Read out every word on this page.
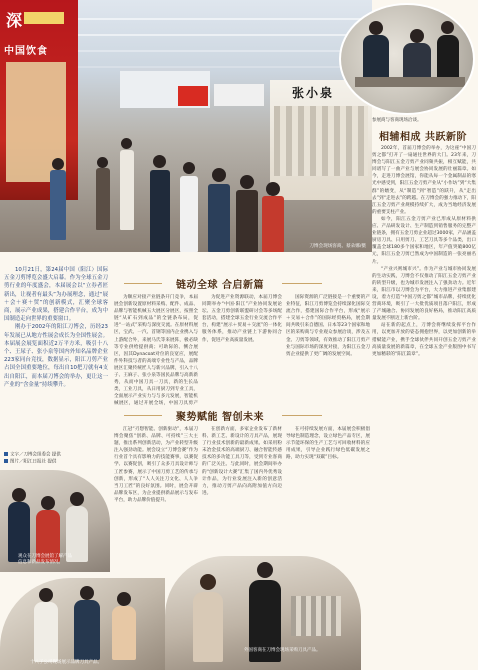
深
中国饮食
张小泉
刀博会现场客商。蔡朵娜/摄
参展商与客商现场洽谈。
相辅相成 共跃新阶

2002年，首届刀博会的举办，为这座“中国刀剪之都”打开了一扇通往世界的大门。23年来，刀博会与阳江五金刀剪产业同频共振，相互赋能，共同谱写了一曲产业与展会协同发展的壮丽篇章。如今，走进刀博会展馆，你能从每一个金属制品的寒光中感受到，阳江五金刀剪产业从“小作坊”到“大集群”的嬗变，从“制造”到“智造”的跃升，从“走出去”到“走进去”的跨越。在刀博会的强力推动下，阳江五金刀剪产业规模持续扩大，成为当地经济发展的重要支柱产业。

如今，阳江五金刀剪产业已形成从原材料供应、产品研发设计、生产制造到销售服务的完整产业链条，拥有五金刀剪企业超过3000家，产品涵盖厨房刀具、日用剪刀、工艺刀具等多个品类，出口覆盖全球180多个国家和地区，年产值突破800亿元，阳江五金刀剪已然成为中国制造的一张亮丽名片。

“产业兴则城市兴”。作为产业与城市协同发展的生动实践，刀博会不仅推动了阳江五金刀剪产业的转型升级，也为城市发展注入了强劲动力。近年来，阳江市以刀博会为平台，大力推进产业集群建设，着力打造“中国刀剪之都”城市品牌，持续优化营商环境，吸引了一大批优质项目落户阳江，形成了产城融合、协同发展的良好格局，推动阳江高质量发展不断迈上新台阶。

站在新的起点上，刀博会将继续发挥平台作用，以更加开放的姿态拥抱世界，以更加创新的举措赋能产业，携手全球伙伴共同开创五金刀剪产业高质量发展的新篇章，在全球五金产业版图中书写更加精彩的“阳江篇章”。

10月21日，第24届中国（阳江）国际五金刀剪博览会盛大启幕。作为全球五金刀剪行业的年度盛会，本届展会以“立券者匠新出，让视者有最头”为办展理念，通过“展＋会＋赛＋贸”的创新模式，汇聚全球客商，展示产业成果，搭建合作平台，成为中国制造走向世界的重要窗口。

刚办于2002年的阳江刀博会，历经23年发展已从地方性展会成长为全国性展会。本届展会展览面积近2万平方米，吸引十八个、王尿子、张小泉等国内外知名品牌企业223家同台竞技，数据显示，阳江刀剪产业占国全国重要地位，每出自10把刀就有4支出自阳江，而本届刀博会的举办，更让这一产业的“含金量”持续攀升。

文字／刀博会组委会 提供
图片／阳江日报社 提供
链动全球 合启新篇

为顺应对接产业链条开门竞争，本届展会创新设置原材料采购、配件、成品、品牌与智能机械五大展区分展区，按照全链“从矿石到成品”的全链条布局，促进“一站式”采购与深度交流。在原材料展区，宝武、一汽、首钢等国内企业携入与上游配合外，来展马氏等来展阵，极必缺等专业供给提供商；可助际的、侧合展区，因其Dynacoat对位的良宽应，展配件外科技与者的高端专业性与产品，品牌展区汇聚传统匠人与新兴品牌，引入十八子、王麻子、张小泉等国民品牌与高新新秀，从而中国刀具一刀具，新的生长品类，工业刀具，从日用厨刀到专业工具，全面展示产业实力与与多元发展，智能机械展区，通过开展全场，中国刀具剪产

为促进产业资源联动，本届刀博会同期举办“中国·阳江”产业协同发展论坛、五金刀剪创新联盟研讨会等多场配套活动，搭建全球五金行业交流合作平台，构建“展示＋贸易＋交流”的一体化服务体系，推动产业链上下游协同合作，促进产业高质量发展。

国际资源的广泛链接是一个重要的产业特征，阳江刀剪博览会持续深化国际交流合作，搭建国际合作平台，形成“展示＋交易＋合作”的国际经贸格局，展会期间共吸引来自德国、日本等23个国家和地区的采购商与专业观众参展洽谈，涉及五金、刀剪等领域，有效推动了阳江刀剪产业与国际市场的深度对接，为阳江五金刀剪企业提供了更广阔的发展空间。

聚势赋能 智创未来

江冠“刃想智能、创新驱动”，本届刀博会聚焦“创新、品牌、可持续”三大主题，推出系列创新活动，为产业转型升级注入强劲动能。展会设立“刀博会赛”作为行业首个具有影响力的技能赛事，以赛促学、以赛促创，吸引了众多刀具设计师与工匠参赛，展示了中国刀剪工艺的传承与创新，形成了“人人关注刀文化、人人争当刀工匠”的良好氛围。同时，展会开辟品牌发布区，为企业提供新品展示与发布平台，助力品牌价值提升。

在创新方面，多家企业发布了新材料、新工艺、新设计的刀具产品，展现了行业技术创新的最新成果。如采用粉末冶金技术的高端厨刀、融合智能传感技术的多功能工具刀等，受到专业客商的广泛关注。与此同时，展会期间举办的“创新设计大赛”汇集了国内外优秀设计作品，为行业发展注入新的创意活力，推动刀剪产品向高附加值方向迈进。

在可持续发展方面，本届展会积极倡导绿色制造理念，设立绿色产品专区，展示节能环保的生产工艺与可回收材料的应用成果，引导企业践行绿色低碳发展之路，助力实现“双碳”目标。

观众在刀博会展馆了解产品信息和新品发布情况。
十八子公司现场展示品牌刀具产品。
外国客商在刀博会现场采购刀具产品。
